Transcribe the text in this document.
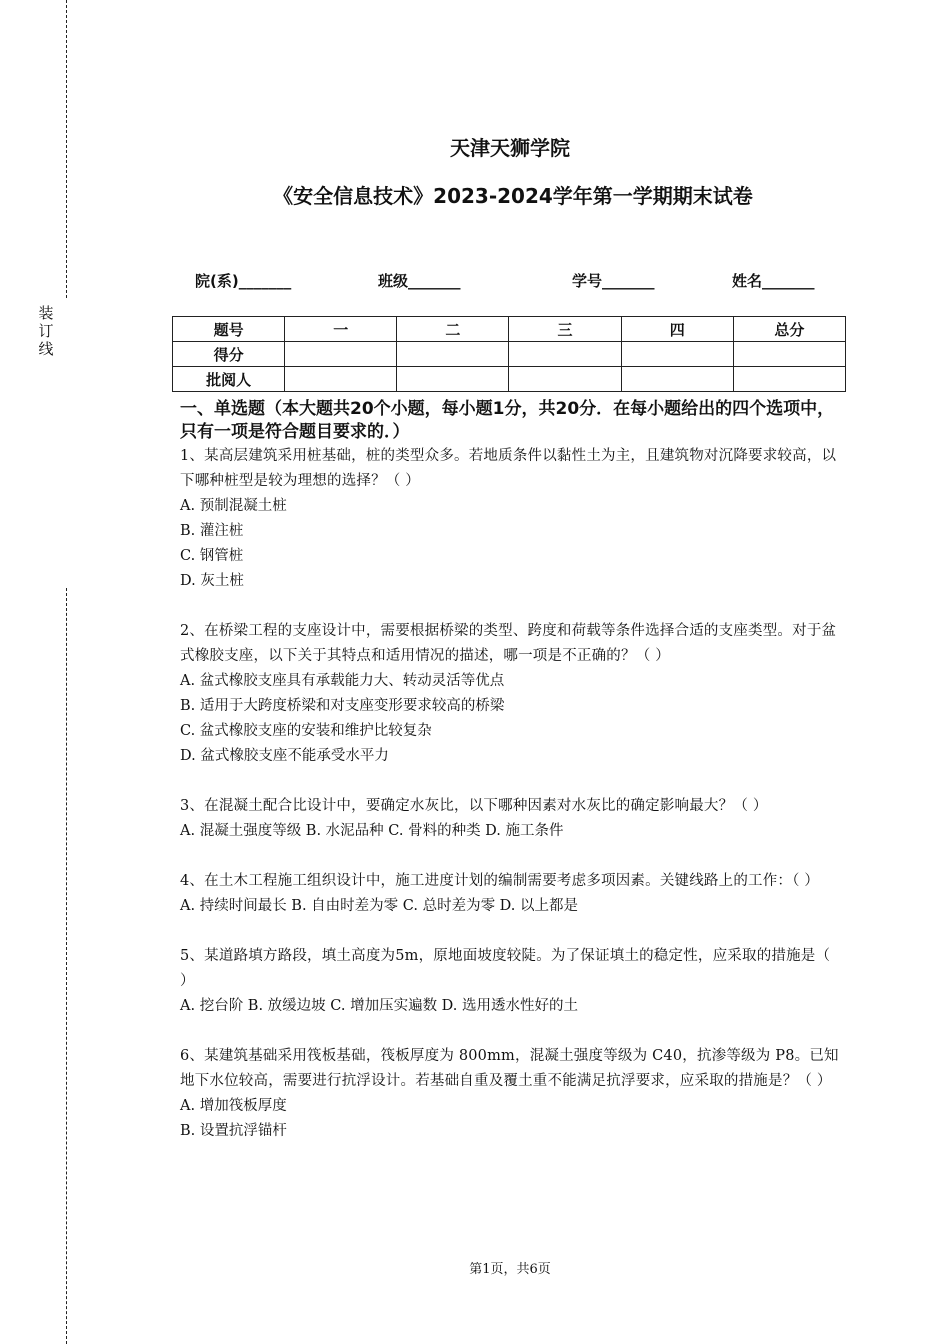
装
订
线
天津天狮学院
《安全信息技术》2023-2024学年第一学期期末试卷
院(系)_______	班级_______	学号_______	姓名_______
题号	一	二	三	四	总分
得分					
批阅人					
一、单选题（本大题共20个小题，每小题1分，共20分．在每小题给出的四个选项中，只有一项是符合题目要求的．）

1、某高层建筑采用桩基础，桩的类型众多。若地质条件以黏性土为主，且建筑物对沉降要求较高，以下哪种桩型是较为理想的选择？（ ）

A. 预制混凝土桩

B. 灌注桩

C. 钢管桩

D. 灰土桩

2、在桥梁工程的支座设计中，需要根据桥梁的类型、跨度和荷载等条件选择合适的支座类型。对于盆式橡胶支座，以下关于其特点和适用情况的描述，哪一项是不正确的？（ ）

A. 盆式橡胶支座具有承载能力大、转动灵活等优点

B. 适用于大跨度桥梁和对支座变形要求较高的桥梁

C. 盆式橡胶支座的安装和维护比较复杂

D. 盆式橡胶支座不能承受水平力

3、在混凝土配合比设计中，要确定水灰比，以下哪种因素对水灰比的确定影响最大？（ ）

A. 混凝土强度等级 B. 水泥品种 C. 骨料的种类 D. 施工条件

4、在土木工程施工组织设计中，施工进度计划的编制需要考虑多项因素。关键线路上的工作：（ ）

A. 持续时间最长 B. 自由时差为零 C. 总时差为零 D. 以上都是

5、某道路填方路段，填土高度为5m，原地面坡度较陡。为了保证填土的稳定性，应采取的措施是（ ）

A. 挖台阶 B. 放缓边坡 C. 增加压实遍数 D. 选用透水性好的土

6、某建筑基础采用筏板基础，筏板厚度为 800mm，混凝土强度等级为 C40，抗渗等级为 P8。已知地下水位较高，需要进行抗浮设计。若基础自重及覆土重不能满足抗浮要求，应采取的措施是？（ ）

A. 增加筏板厚度

B. 设置抗浮锚杆

第1页，共6页
